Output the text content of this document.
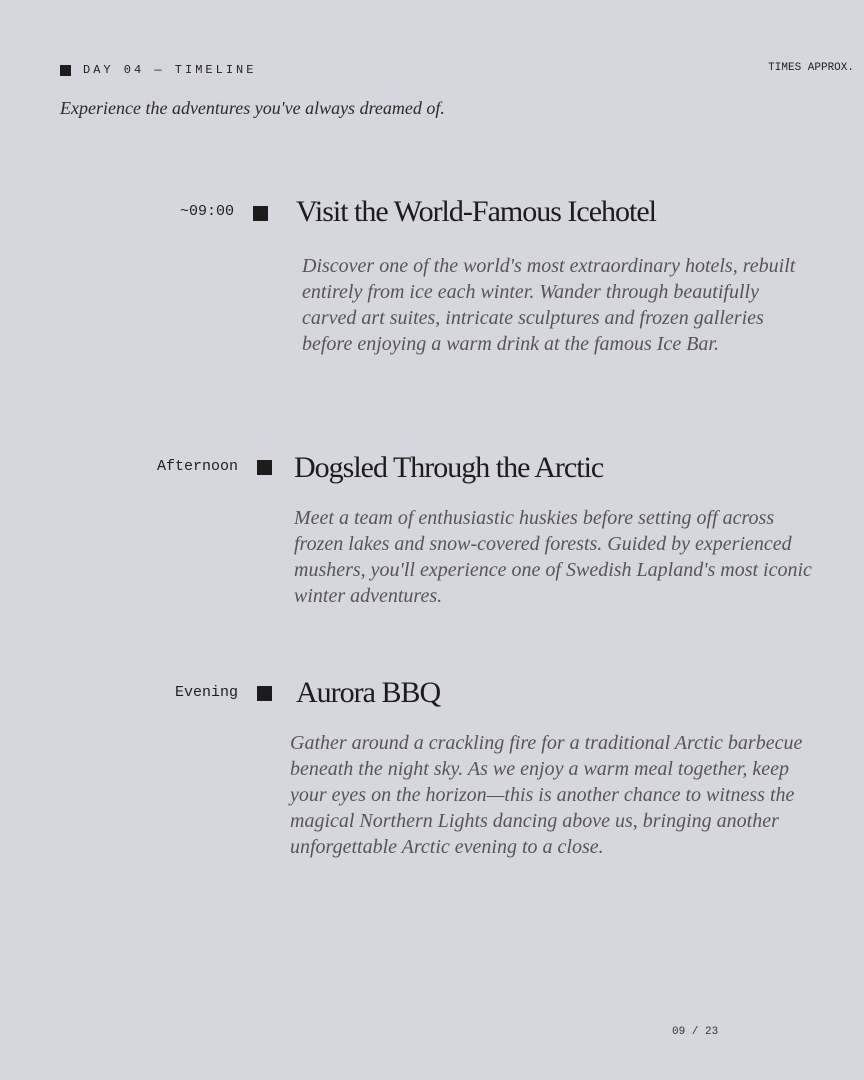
DAY 04 — TIMELINE	TIMES APPROX.
Experience the adventures you've always dreamed of.
~09:00 Visit the World-Famous Icehotel
Discover one of the world's most extraordinary hotels, rebuilt entirely from ice each winter. Wander through beautifully carved art suites, intricate sculptures and frozen galleries before enjoying a warm drink at the famous Ice Bar.
Afternoon Dogsled Through the Arctic
Meet a team of enthusiastic huskies before setting off across frozen lakes and snow-covered forests. Guided by experienced mushers, you'll experience one of Swedish Lapland's most iconic winter adventures.
Evening Aurora BBQ
Gather around a crackling fire for a traditional Arctic barbecue beneath the night sky. As we enjoy a warm meal together, keep your eyes on the horizon—this is another chance to witness the magical Northern Lights dancing above us, bringing another unforgettable Arctic evening to a close.
09 / 23
